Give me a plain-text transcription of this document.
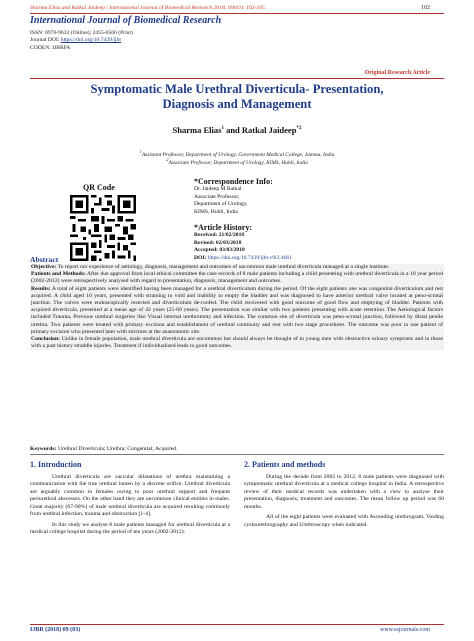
Sharma Elias and Ratkal Jaideep / International Journal of Biomedical Research 2018; 09(03): 102-105.	102
International Journal of Biomedical Research
ISSN: 0976-9633 (Online); 2455-0566 (Print)
Journal DOI: https://doi.org/10.7439/ijbr
CODEN: IJBRFA
Original Research Article
Symptomatic Male Urethral Diverticula- Presentation,
Diagnosis and Management
Sharma Elias$^1$ and Ratkal Jaideep$^{*2}$
$^1$Assistant Professor, Department of Urology, Government Medical College, Jammu, India
$^2$Associate Professor, Department of Urology, KIMS, Hubli, India
QR Code
*Correspondence Info:
Dr. Jaideep M Ratkal
Associate Professor,
Department of Urology,
KIMS, Hubli, India
*Article History:
Received: 21/02/2018
Revised: 02/03/2018
Accepted: 03/03/2018
DOI: https://doi.org/10.7439/ijbr.v9i3.4661
Abstract

Objective: To report our experience of aetiology, diagnosis, management and outcomes of uncommon male urethral diverticula managed at a single institute.

Patients and Methods: After due approval from local ethical committee the case records of 8 male patients including a child presenting with urethral diverticula in a 10 year period (2002-2012) were retrospectively analysed with regard to presentation, diagnosis, management and outcomes.

Results: A total of eight patients were identified having been managed for a urethral diverticulum during the period. Of the eight patients one was congenital diverticulum and rest acquired. A child aged 10 years, presented with straining to void and inability to empty the bladder and was diagnosed to have anterior urethral valve located at peno-scrotal junction. The valves were endoscopically resected and diverticulum de-roofed. The child recovered with good outcome of good flow and emptying of bladder. Patients with acquired diverticula, presented at a mean age of 42 years (25-60 years). The presentation was similar with two patients presenting with acute retention. The Aetiological factors included Trauma, Previous urethral surgeries like Visual internal urethrotomy and infection. The common site of diverticula was peno-scrotal junction, followed by distal penile urethra. Two patients were treated with primary excision and establishment of urethral continuity and rest with two stage procedures. The outcome was poor in one patient of primary excision who presented later with stricture at the anastomotic site.

Conclusion: Unlike in female population, male urethral diverticula are uncommon but should always be thought of in young men with obstructive urinary symptoms and in those with a past history straddle injuries. Treatment if individualized leads to good outcomes.

Keywords: Urethral Diverticula; Urethra; Congenital; Acquired.
1. Introduction

Urethral diverticula are saccular dilatations of urethra maintaining a communication with the true urethral lumen by a discrete orifice. Urethral diverticula are arguably common in females owing to poor urethral support and frequent periurethral abscesses. On the other hand they are uncommon clinical entities in males. Great majority (67-90%) of male urethral diverticula are acquired resulting commonly from urethral infection, trauma and obstruction [1-4].

In this study we analyse 8 male patients managed for urethral diverticula at a medical college hospital during the period of ten years (2002-2012).

2. Patients and methods

During the decade from 2002 to 2012, 8 male patients were diagnosed with symptomatic urethral diverticula at a medical college hospital in India. A retrospective review of their medical records was undertaken with a view to analyse their presentation, diagnosis, treatment and outcomes. The mean follow up period was 60 months.

All of the eight patients were evaluated with Ascending urethrogram, Voiding cystourethrography and Urethroscopy when indicated.

IJBR (2018) 09 (03)	www.ssjournals.com
